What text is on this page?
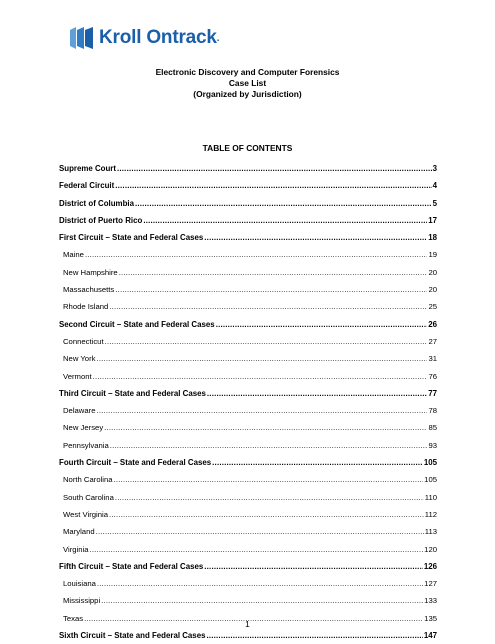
Kroll Ontrack .
Electronic Discovery and Computer Forensics
Case List
(Organized by Jurisdiction)
TABLE OF CONTENTS
Supreme Court .....	3
Federal Circuit .....	4
District of Columbia .....	5
District of Puerto Rico .....	17
First Circuit – State and Federal Cases .....	18
Maine .....	19
New Hampshire .....	20
Massachusetts .....	20
Rhode Island .....	25
Second Circuit – State and Federal Cases .....	26
Connecticut .....	27
New York .....	31
Vermont .....	76
Third Circuit – State and Federal Cases .....	77
Delaware .....	78
New Jersey .....	85
Pennsylvania .....	93
Fourth Circuit – State and Federal Cases .....	105
North Carolina .....	105
South Carolina .....	110
West Virginia .....	112
Maryland .....	113
Virginia .....	120
Fifth Circuit – State and Federal Cases .....	126
Louisiana .....	127
Mississippi .....	133
Texas .....	135
Sixth Circuit – State and Federal Cases .....	147
1
